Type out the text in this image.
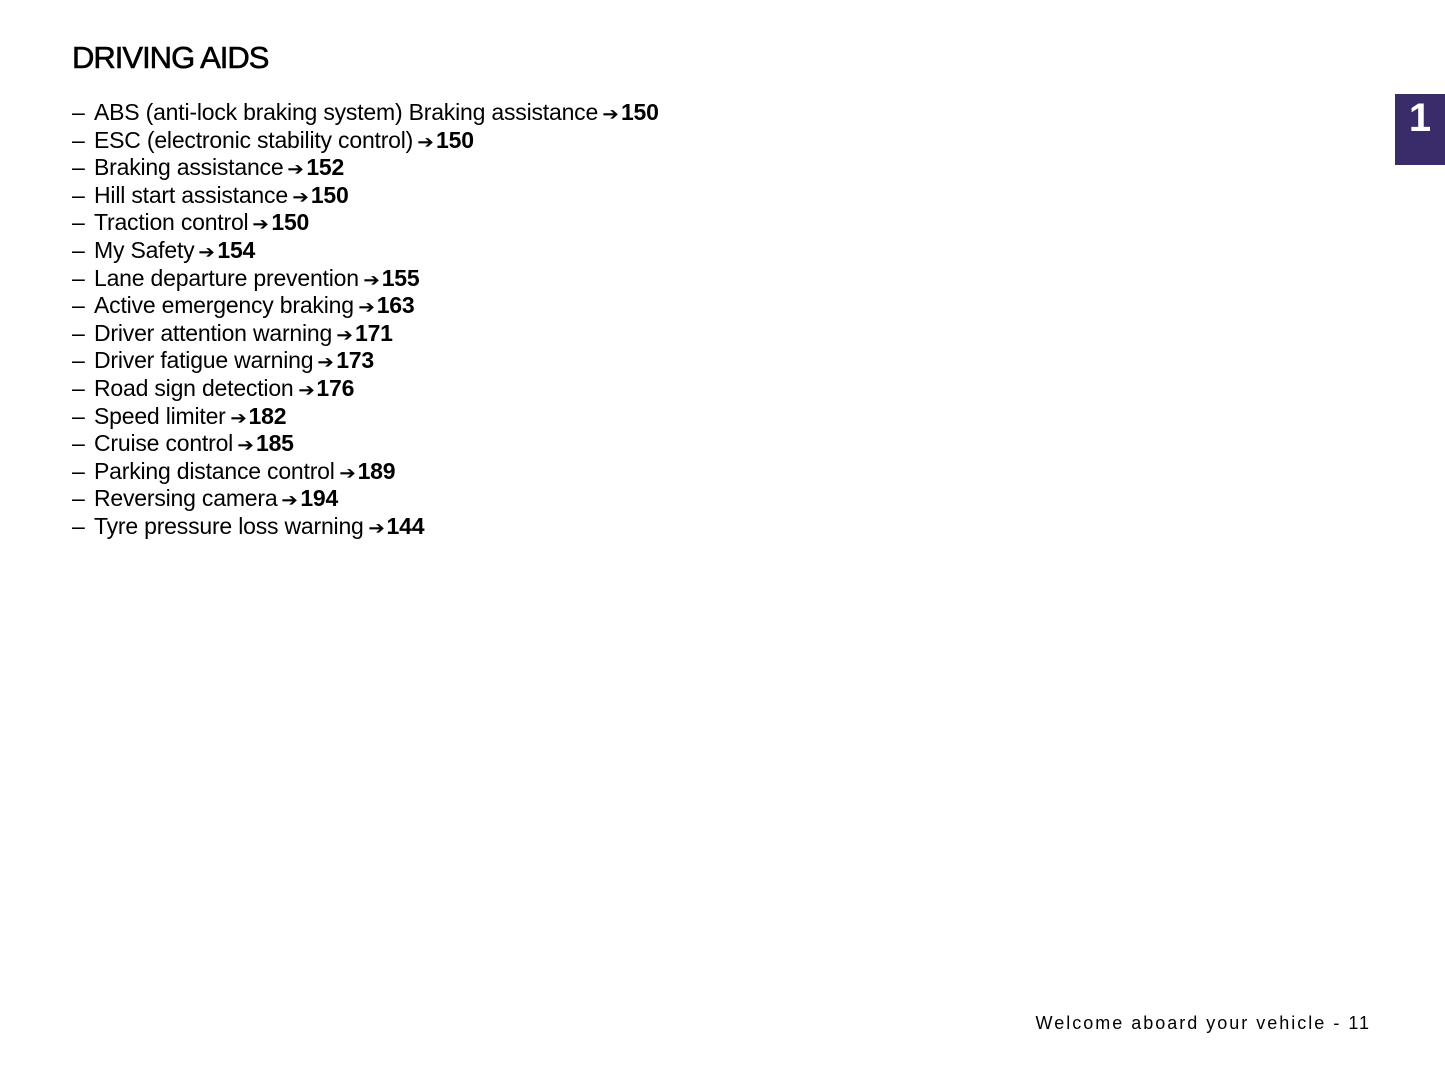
DRIVING AIDS
– ABS (anti-lock braking system) Braking assistance ➔150
– ESC (electronic stability control) ➔150
– Braking assistance ➔152
– Hill start assistance ➔150
– Traction control ➔150
– My Safety ➔154
– Lane departure prevention ➔155
– Active emergency braking ➔163
– Driver attention warning ➔171
– Driver fatigue warning ➔173
– Road sign detection ➔176
– Speed limiter ➔182
– Cruise control ➔185
– Parking distance control ➔189
– Reversing camera ➔194
– Tyre pressure loss warning ➔144
1
Welcome aboard your vehicle - 11
